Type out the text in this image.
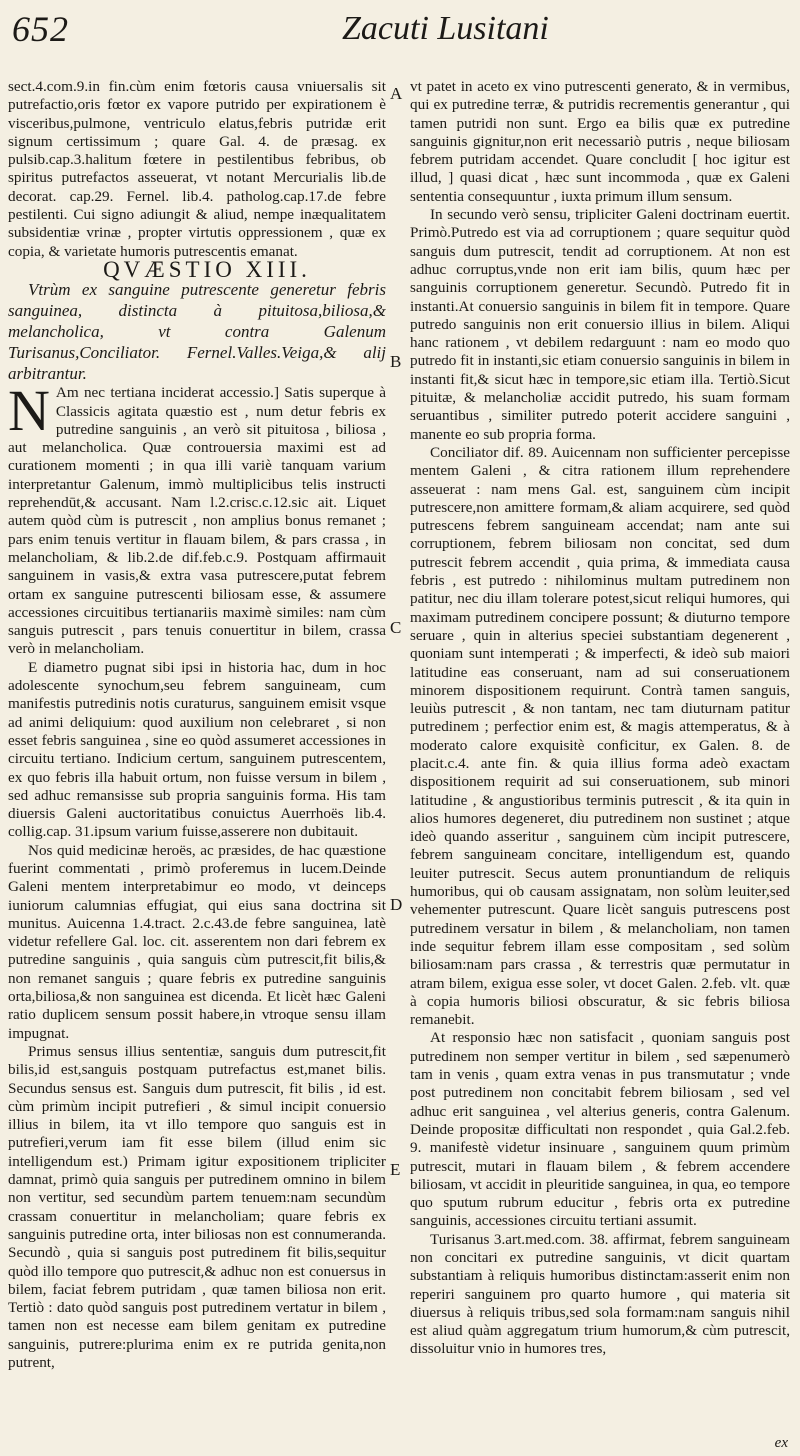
652	Zacuti Lusitani

sect.4.com.9.in fin.cùm enim fœtoris causa vniuersalis sit putrefactio,oris fœtor ex vapore putrido per expirationem è visceribus,pulmone, ventriculo elatus,febris putridæ erit signum certissimum ; quare Gal. 4. de præsag. ex pulsib.cap.3.halitum fœtere in pestilentibus febribus, ob spiritus putrefactos asseuerat, vt notant Mercurialis lib.de decorat. cap.29. Fernel. lib.4. patholog.cap.17.de febre pestilenti. Cui signo adiungit & aliud, nempe inæqualitatem subsidentiæ vrinæ , propter virtutis oppressionem , quæ ex copia, & varietate humoris putrescentis emanat.

QVÆSTIO XIII.

Vtrùm ex sanguine putrescente generetur febris sanguinea, distincta à pituitosa,biliosa,& melancholica, vt contra Galenum Turisanus,Conciliator. Fernel.Valles.Veiga,& alij arbitrantur.

N Am nec tertiana inciderat accessio.] Satis superque à Classicis agitata quæstio est , num detur febris ex putredine sanguinis , an verò sit pituitosa , biliosa , aut melancholica. Quæ controuersia maximi est ad curationem momenti ; in qua illi variè tanquam varium interpretantur Galenum, immò multiplicibus telis instructi reprehendūt,& accusant. Nam l.2.crisc.c.12.sic ait. Liquet autem quòd cùm is putrescit , non amplius bonus remanet ; pars enim tenuis vertitur in flauam bilem, & pars crassa , in melancholiam, & lib.2.de dif.feb.c.9. Postquam affirmauit sanguinem in vasis,& extra vasa putrescere,putat febrem ortam ex sanguine putrescenti biliosam esse, & assumere accessiones circuitibus tertianariis maximè similes: nam cùm sanguis putrescit , pars tenuis conuertitur in bilem, crassa verò in melancholiam.

E diametro pugnat sibi ipsi in historia hac, dum in hoc adolescente synochum,seu febrem sanguineam, cum manifestis putredinis notis curaturus, sanguinem emisit vsque ad animi deliquium: quod auxilium non celebraret , si non esset febris sanguinea , sine eo quòd assumeret accessiones in circuitu tertiano. Indicium certum, sanguinem putrescentem, ex quo febris illa habuit ortum, non fuisse versum in bilem , sed adhuc remansisse sub propria sanguinis forma. His tam diuersis Galeni auctoritatibus conuictus Auerrhoës lib.4. collig.cap. 31.ipsum varium fuisse,asserere non dubitauit.

Nos quid medicinæ heroës, ac præsides, de hac quæstione fuerint commentati , primò proferemus in lucem.Deinde Galeni mentem interpretabimur eo modo, vt deinceps iuniorum calumnias effugiat, qui eius sana doctrina sit munitus. Auicenna 1.4.tract. 2.c.43.de febre sanguinea, latè videtur refellere Gal. loc. cit. asserentem non dari febrem ex putredine sanguinis , quia sanguis cùm putrescit,fit bilis,& non remanet sanguis ; quare febris ex putredine sanguinis orta,biliosa,& non sanguinea est dicenda. Et licèt hæc Galeni ratio duplicem sensum possit habere,in vtroque sensu illam impugnat.

Primus sensus illius sententiæ, sanguis dum putrescit,fit bilis,id est,sanguis postquam putrefactus est,manet bilis. Secundus sensus est. Sanguis dum putrescit, fit bilis , id est. cùm primùm incipit putrefieri , & simul incipit conuersio illius in bilem, ita vt illo tempore quo sanguis est in putrefieri,verum iam fit esse bilem (illud enim sic intelligendum est.) Primam igitur expositionem tripliciter damnat, primò quia sanguis per putredinem omnino in bilem non vertitur, sed secundùm partem tenuem:nam secundùm crassam conuertitur in melancholiam; quare febris ex sanguinis putredine orta, inter biliosas non est connumeranda. Secundò , quia si sanguis post putredinem fit bilis,sequitur quòd illo tempore quo putrescit,& adhuc non est conuersus in bilem, faciat febrem putridam , quæ tamen biliosa non erit. Tertiò : dato quòd sanguis post putredinem vertatur in bilem , tamen non est necesse eam bilem genitam ex putredine sanguinis, putrere:plurima enim ex re putrida genita,non putrent,

A
B
C
D
E

vt patet in aceto ex vino putrescenti generato, & in vermibus, qui ex putredine terræ, & putridis recrementis generantur , qui tamen putridi non sunt. Ergo ea bilis quæ ex putredine sanguinis gignitur,non erit necessariò putris , neque biliosam febrem putridam accendet. Quare concludit [ hoc igitur est illud, ] quasi dicat , hæc sunt incommoda , quæ ex Galeni sententia consequuntur , iuxta primum illum sensum.

In secundo verò sensu, tripliciter Galeni doctrinam euertit. Primò.Putredo est via ad corruptionem ; quare sequitur quòd sanguis dum putrescit, tendit ad corruptionem. At non est adhuc corruptus,vnde non erit iam bilis, quum hæc per sanguinis corruptionem generetur. Secundò. Putredo fit in instanti.At conuersio sanguinis in bilem fit in tempore. Quare putredo sanguinis non erit conuersio illius in bilem. Aliqui hanc rationem , vt debilem redarguunt : nam eo modo quo putredo fit in instanti,sic etiam conuersio sanguinis in bilem in instanti fit,& sicut hæc in tempore,sic etiam illa. Tertiò.Sicut pituitæ, & melancholiæ accidit putredo, his suam formam seruantibus , similiter putredo poterit accidere sanguini , manente eo sub propria forma.

Conciliator dif. 89. Auicennam non sufficienter percepisse mentem Galeni , & citra rationem illum reprehendere asseuerat : nam mens Gal. est, sanguinem cùm incipit putrescere,non amittere formam,& aliam acquirere, sed quòd putrescens febrem sanguineam accendat; nam ante sui corruptionem, febrem biliosam non concitat, sed dum putrescit febrem accendit , quia prima, & immediata causa febris , est putredo : nihilominus multam putredinem non patitur, nec diu illam tolerare potest,sicut reliqui humores, qui maximam putredinem concipere possunt; & diuturno tempore seruare , quin in alterius speciei substantiam degenerent , quoniam sunt intemperati ; & imperfecti, & ideò sub maiori latitudine eas conseruant, nam ad sui conseruationem minorem dispositionem requirunt. Contrà tamen sanguis, leuiùs putrescit , & non tantam, nec tam diuturnam patitur putredinem ; perfectior enim est, & magis attemperatus, & à moderato calore exquisitè conficitur, ex Galen. 8. de placit.c.4. ante fin. & quia illius forma adeò exactam dispositionem requirit ad sui conseruationem, sub minori latitudine , & angustioribus terminis putrescit , & ita quin in alios humores degeneret, diu putredinem non sustinet ; atque ideò quando asseritur , sanguinem cùm incipit putrescere, febrem sanguineam concitare, intelligendum est, quando leuiter putrescit. Secus autem pronuntiandum de reliquis humoribus, qui ob causam assignatam, non solùm leuiter,sed vehementer putrescunt. Quare licèt sanguis putrescens post putredinem versatur in bilem , & melancholiam, non tamen inde sequitur febrem illam esse compositam , sed solùm biliosam:nam pars crassa , & terrestris quæ permutatur in atram bilem, exigua esse soler, vt docet Galen. 2.feb. vlt. quæ à copia humoris biliosi obscuratur, & sic febris biliosa remanebit.

At responsio hæc non satisfacit , quoniam sanguis post putredinem non semper vertitur in bilem , sed sæpenumerò tam in venis , quam extra venas in pus transmutatur ; vnde post putredinem non concitabit febrem biliosam , sed vel adhuc erit sanguinea , vel alterius generis, contra Galenum. Deinde propositæ difficultati non respondet , quia Gal.2.feb. 9. manifestè videtur insinuare , sanguinem quum primùm putrescit, mutari in flauam bilem , & febrem accendere biliosam, vt accidit in pleuritide sanguinea, in qua, eo tempore quo sputum rubrum educitur , febris orta ex putredine sanguinis, accessiones circuitu tertiani assumit.

Turisanus 3.art.med.com. 38. affirmat, febrem sanguineam non concitari ex putredine sanguinis, vt dicit quartam substantiam à reliquis humoribus distinctam:asserit enim non reperiri sanguinem pro quarto humore , qui materia sit diuersus à reliquis tribus,sed sola formam:nam sanguis nihil est aliud quàm aggregatum trium humorum,& cùm putrescit, dissoluitur vnio in humores tres,

ex
